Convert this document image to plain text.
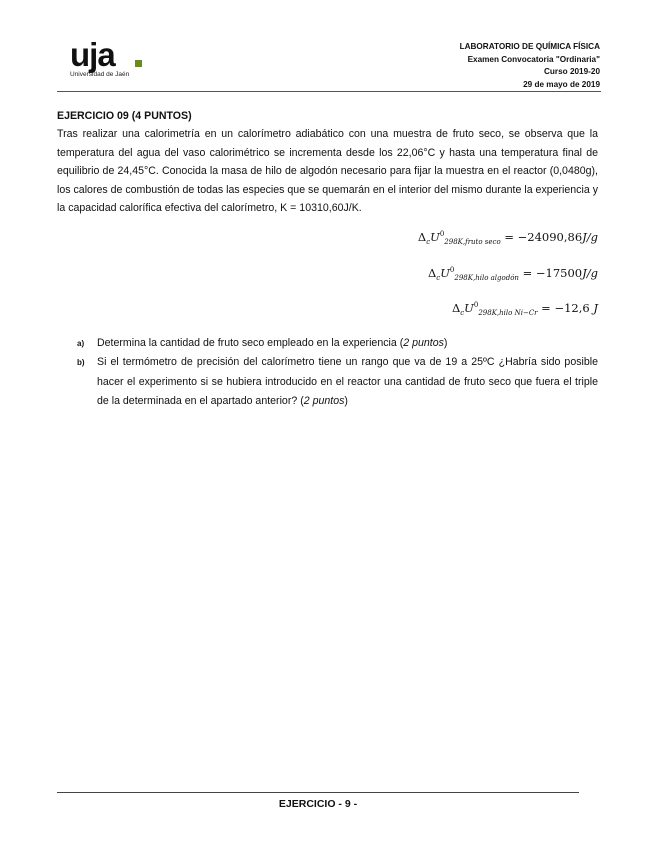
uja
Universidad de Jaén
LABORATORIO DE QUÍMICA FÍSICA
Examen Convocatoria "Ordinaria"
Curso 2019-20
29 de mayo de 2019
EJERCICIO 09 (4 PUNTOS)
Tras realizar una calorimetría en un calorímetro adiabático con una muestra de fruto seco, se observa que la temperatura del agua del vaso calorimétrico se incrementa desde los 22,06°C y hasta una temperatura final de equilibrio de 24,45°C. Conocida la masa de hilo de algodón necesario para fijar la muestra en el reactor (0,0480g), los calores de combustión de todas las especies que se quemarán en el interior del mismo durante la experiencia y la capacidad calorífica efectiva del calorímetro, K = 10310,60J/K.
$\Delta_cU^0_{298K,fruto seco} = -24090,86J/g$
$\Delta_cU^0_{298K,hilo algodón} = -17500J/g$
$\Delta_cU^0_{298K,hilo Ni-Cr} = -12,6$ J
a) Determina la cantidad de fruto seco empleado en la experiencia (2 puntos)
b) Si el termómetro de precisión del calorímetro tiene un rango que va de 19 a 25ºC ¿Habría sido posible hacer el experimento si se hubiera introducido en el reactor una cantidad de fruto seco que fuera el triple de la determinada en el apartado anterior? (2 puntos)
EJERCICIO - 9 -
